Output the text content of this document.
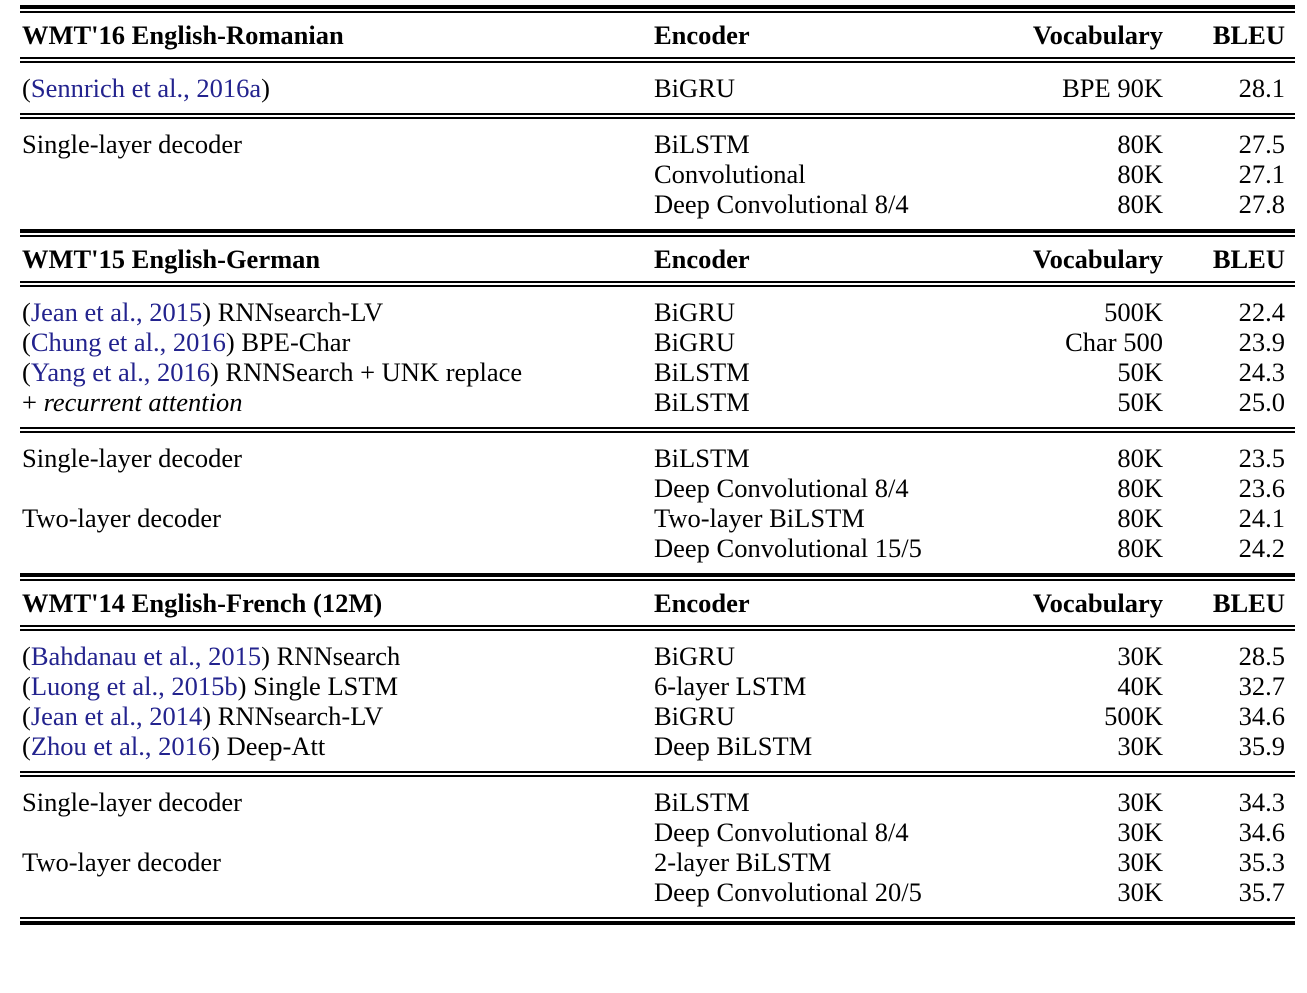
WMT'16 English-Romanian	Encoder	Vocabulary	BLEU

(Sennrich et al., 2016a)	BiGRU	BPE 90K	28.1

Single-layer decoder	BiLSTM	80K	27.5
	Convolutional	80K	27.1
	Deep Convolutional 8/4	80K	27.8

WMT'15 English-German	Encoder	Vocabulary	BLEU

(Jean et al., 2015) RNNsearch-LV	BiGRU	500K	22.4
(Chung et al., 2016) BPE-Char	BiGRU	Char 500	23.9
(Yang et al., 2016) RNNSearch + UNK replace	BiLSTM	50K	24.3
+ recurrent attention	BiLSTM	50K	25.0

Single-layer decoder	BiLSTM	80K	23.5
	Deep Convolutional 8/4	80K	23.6
Two-layer decoder	Two-layer BiLSTM	80K	24.1
	Deep Convolutional 15/5	80K	24.2

WMT'14 English-French (12M)	Encoder	Vocabulary	BLEU

(Bahdanau et al., 2015) RNNsearch	BiGRU	30K	28.5
(Luong et al., 2015b) Single LSTM	6-layer LSTM	40K	32.7
(Jean et al., 2014) RNNsearch-LV	BiGRU	500K	34.6
(Zhou et al., 2016) Deep-Att	Deep BiLSTM	30K	35.9

Single-layer decoder	BiLSTM	30K	34.3
	Deep Convolutional 8/4	30K	34.6
Two-layer decoder	2-layer BiLSTM	30K	35.3
	Deep Convolutional 20/5	30K	35.7
